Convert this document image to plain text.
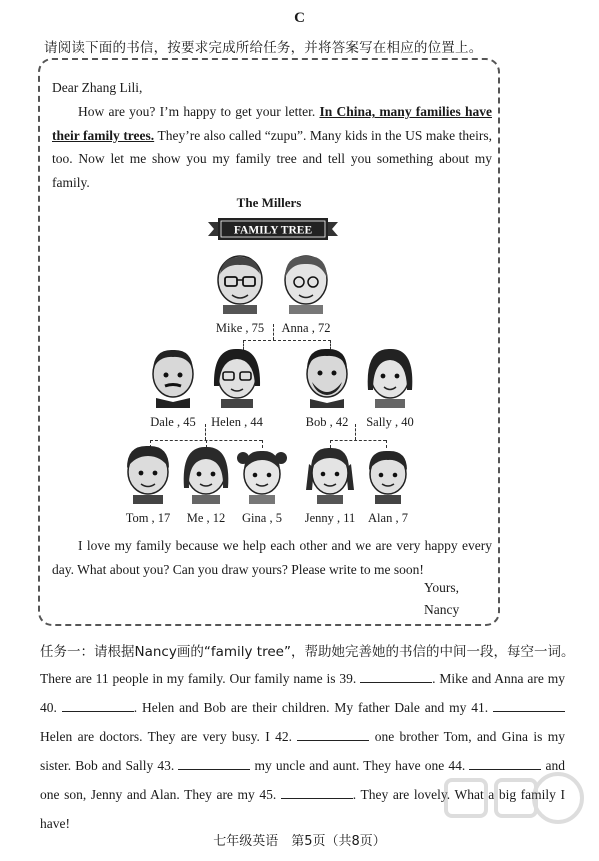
C
请阅读下面的书信，按要求完成所给任务，并将答案写在相应的位置上。
Dear Zhang Lili,
How are you? I’m happy to get your letter. In China, many families have their family trees. They’re also called “zupu”. Many kids in the US make theirs, too. Now let me show you my family tree and tell you something about my family.
The Millers
FAMILY TREE
Mike , 75	Anna , 72
Dale , 45	Helen , 44	Bob , 42	Sally , 40
Tom , 17	Me , 12	Gina , 5	Jenny , 11	Alan , 7
I love my family because we help each other and we are very happy every day. What about you? Can you draw yours? Please write to me soon!
Yours,
Nancy
任务一：请根据Nancy画的“family tree”，帮助她完善她的书信的中间一段，每空一词。
There are 11 people in my family. Our family name is 39.	. Mike and Anna are my 40.	. Helen and Bob are their children. My father Dale and my 41.  Helen are doctors. They are very busy. I 42.	one brother Tom, and Gina is my sister. Bob and Sally 43.	my uncle and aunt. They have one 44.	and one son, Jenny and Alan. They are my 45.	. They are lovely. What a big family I have!
七年级英语　第5页（共8页）
